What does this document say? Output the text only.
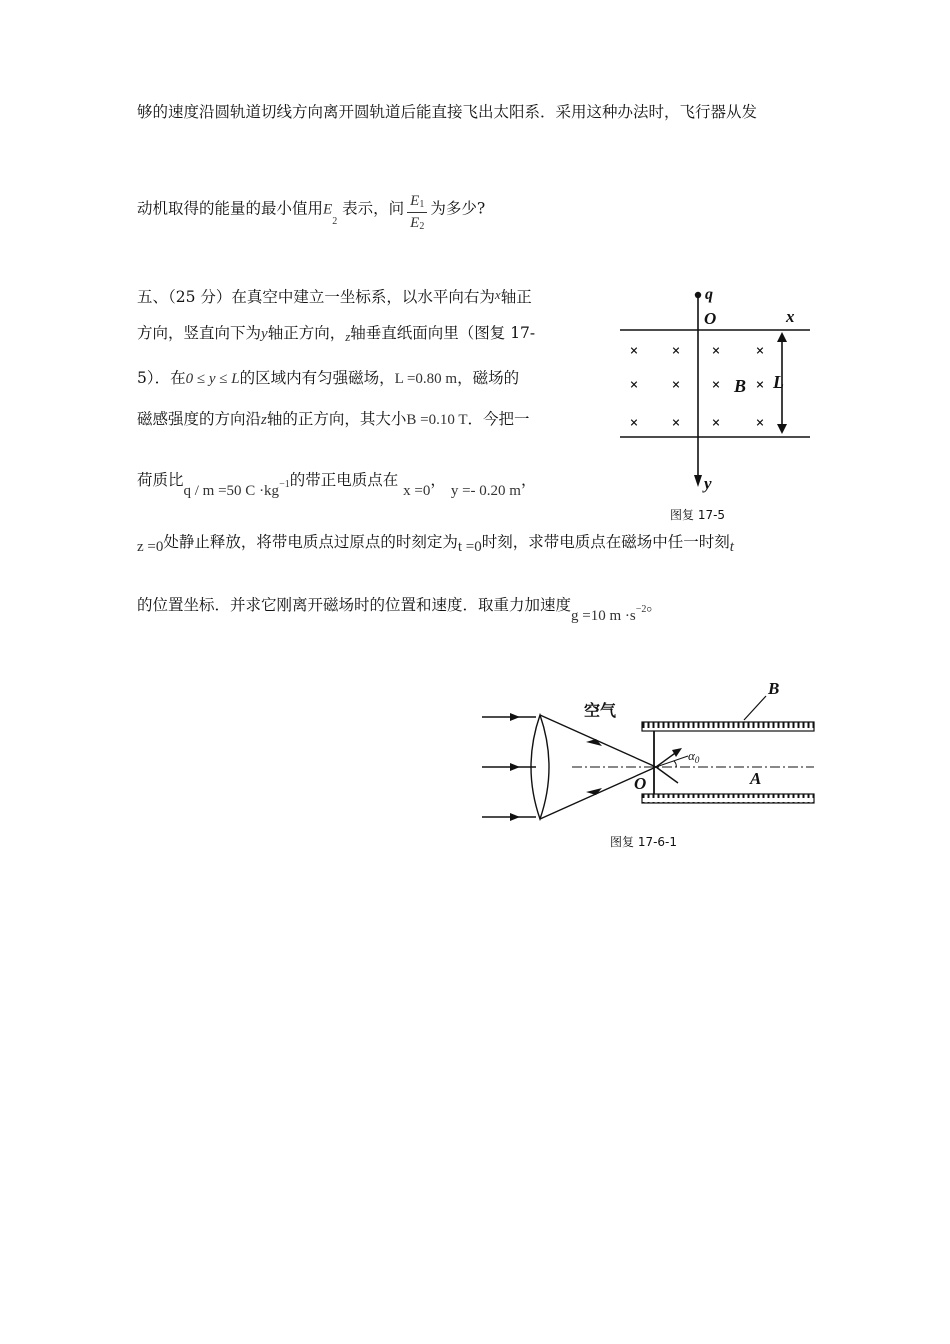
够的速度沿圆轨道切线方向离开圆轨道后能直接飞出太阳系．采用这种办法时，飞行器从发
动机取得的能量的最小值用$E_2$ 表示，问 $\frac{E1}{E2}$ 为多少?
五、（25 分）在真空中建立一坐标系，以水平向右为x轴正
方向，竖直向下为y轴正方向，z轴垂直纸面向里（图复 17-
5）．在0 ≤ y ≤ L的区域内有匀强磁场，L =0.80 m，磁场的
磁感强度的方向沿z轴的正方向，其大小B =0.10 T．今把一
荷质比q / m =50 C ·kg−1的带正电质点在 x =0， y =- 0.20 m，
z =0处静止释放，将带电质点过原点的时刻定为t =0时刻，求带电质点在磁场中任一时刻t
的位置坐标．并求它刚离开磁场时的位置和速度．取重力加速度g =10 m ·s−2。
×	×	×	×
×	×	×	×
×	×	×	×
q
O	x
y
B L
图复 17-5
B
A
O
$\alpha_0$
空气
图复 17-6-1
